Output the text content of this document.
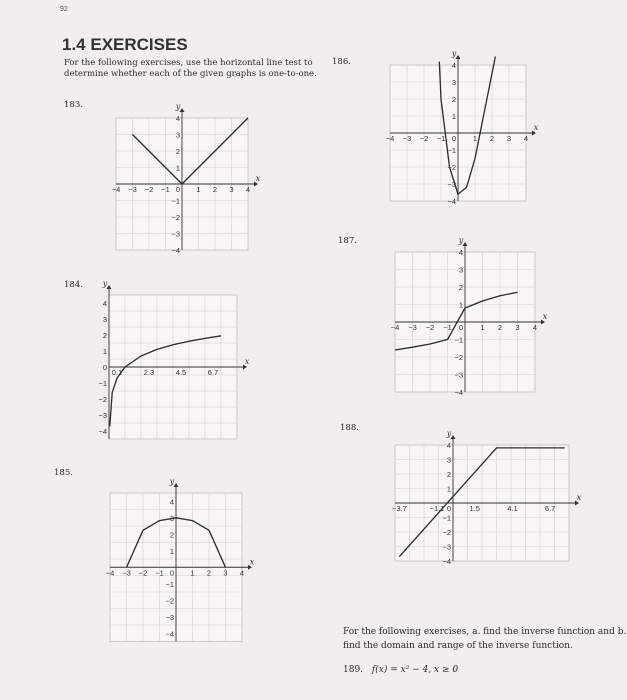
92
1.4 EXERCISES
For the following exercises, use the horizontal line test to determine whether each of the given graphs is one-to-one.
183.
184.
185.
186.
187.
188.
x
y
−4 −3 −2 −1	1 2 3 4
4
3
2
1
−1
−2
−3
−4
0
x
y
0.1	2.3	4.5	6.7
4
3
2
1
0
−1
−2
−3
−4
x
y
−4 −3 −2 −1	1 2 3 4
4
3
2
1
−1
−2
−3
−4
0
x
y
−4 −3 −2 −1	1 2 3 4
4
3
2
1
−1
−2
−3
−4
0
x
y
−4 −3 −2 −1	1 2 3 4
4
3
2
1
−1
−2
−3
−4
0
x
y
−3.7	−1.1	1.5	4.1	6.7
4
3
2
1
−1
−2
−3
−4
0
For the following exercises, a. find the inverse function and b. find the domain and range of the inverse function.
189. f(x) = x² − 4, x ≥ 0
